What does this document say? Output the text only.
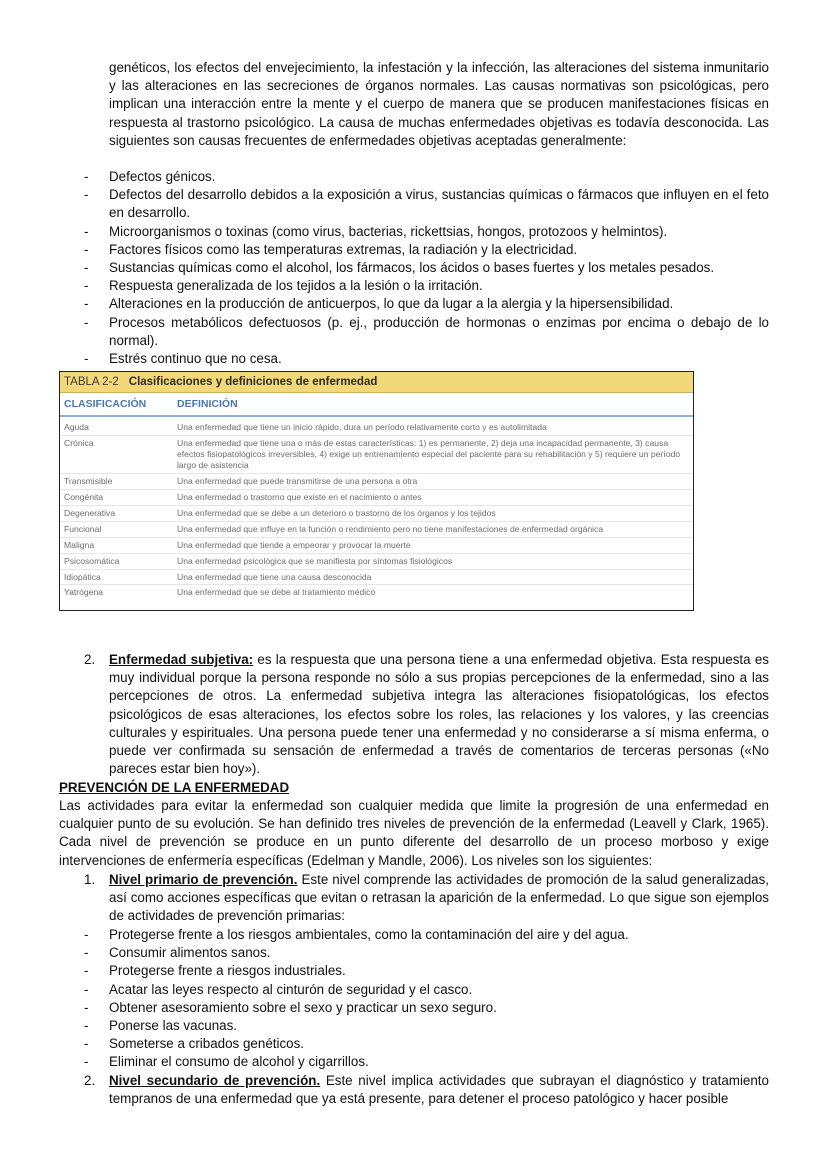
genéticos, los efectos del envejecimiento, la infestación y la infección, las alteraciones del sistema inmunitario y las alteraciones en las secreciones de órganos normales. Las causas normativas son psicológicas, pero implican una interacción entre la mente y el cuerpo de manera que se producen manifestaciones físicas en respuesta al trastorno psicológico. La causa de muchas enfermedades objetivas es todavía desconocida. Las siguientes son causas frecuentes de enfermedades objetivas aceptadas generalmente:

- Defectos génicos.
- Defectos del desarrollo debidos a la exposición a virus, sustancias químicas o fármacos que influyen en el feto en desarrollo.
- Microorganismos o toxinas (como virus, bacterias, rickettsias, hongos, protozoos y helmintos).
- Factores físicos como las temperaturas extremas, la radiación y la electricidad.
- Sustancias químicas como el alcohol, los fármacos, los ácidos o bases fuertes y los metales pesados.
- Respuesta generalizada de los tejidos a la lesión o la irritación.
- Alteraciones en la producción de anticuerpos, lo que da lugar a la alergia y la hipersensibilidad.
- Procesos metabólicos defectuosos (p. ej., producción de hormonas o enzimas por encima o debajo de lo normal).
- Estrés continuo que no cesa.
TABLA 2-2 Clasificaciones y definiciones de enfermedad
CLASIFICACIÓN	DEFINICIÓN
Aguda	Una enfermedad que tiene un inicio rápido, dura un período relativamente corto y es autolimitada
Crónica	Una enfermedad que tiene una o más de estas características: 1) es permanente, 2) deja una incapacidad permanente, 3) causa efectos fisiopatológicos irreversibles, 4) exige un entrenamiento especial del paciente para su rehabilitación y 5) requiere un período largo de asistencia
Transmisible	Una enfermedad que puede transmitirse de una persona a otra
Congénita	Una enfermedad o trastorno que existe en el nacimiento o antes
Degenerativa	Una enfermedad que se debe a un deterioro o trastorno de los órganos y los tejidos
Funcional	Una enfermedad que influye en la función o rendimiento pero no tiene manifestaciones de enfermedad orgánica
Maligna	Una enfermedad que tiende a empeorar y provocar la muerte
Psicosomática	Una enfermedad psicológica que se manifiesta por síntomas fisiológicos
Idiopática	Una enfermedad que tiene una causa desconocida
Yatrógena	Una enfermedad que se debe al tratamiento médico
2. Enfermedad subjetiva: es la respuesta que una persona tiene a una enfermedad objetiva. Esta respuesta es muy individual porque la persona responde no sólo a sus propias percepciones de la enfermedad, sino a las percepciones de otros. La enfermedad subjetiva integra las alteraciones fisiopatológicas, los efectos psicológicos de esas alteraciones, los efectos sobre los roles, las relaciones y los valores, y las creencias culturales y espirituales. Una persona puede tener una enfermedad y no considerarse a sí misma enferma, o puede ver confirmada su sensación de enfermedad a través de comentarios de terceras personas («No pareces estar bien hoy»).
PREVENCIÓN DE LA ENFERMEDAD

Las actividades para evitar la enfermedad son cualquier medida que limite la progresión de una enfermedad en cualquier punto de su evolución. Se han definido tres niveles de prevención de la enfermedad (Leavell y Clark, 1965). Cada nivel de prevención se produce en un punto diferente del desarrollo de un proceso morboso y exige intervenciones de enfermería específicas (Edelman y Mandle, 2006). Los niveles son los siguientes:

1. Nivel primario de prevención. Este nivel comprende las actividades de promoción de la salud generalizadas, así como acciones específicas que evitan o retrasan la aparición de la enfermedad. Lo que sigue son ejemplos de actividades de prevención primarias:
- Protegerse frente a los riesgos ambientales, como la contaminación del aire y del agua.
- Consumir alimentos sanos.
- Protegerse frente a riesgos industriales.
- Acatar las leyes respecto al cinturón de seguridad y el casco.
- Obtener asesoramiento sobre el sexo y practicar un sexo seguro.
- Ponerse las vacunas.
- Someterse a cribados genéticos.
- Eliminar el consumo de alcohol y cigarrillos.
2. Nivel secundario de prevención. Este nivel implica actividades que subrayan el diagnóstico y tratamiento tempranos de una enfermedad que ya está presente, para detener el proceso patológico y hacer posible
